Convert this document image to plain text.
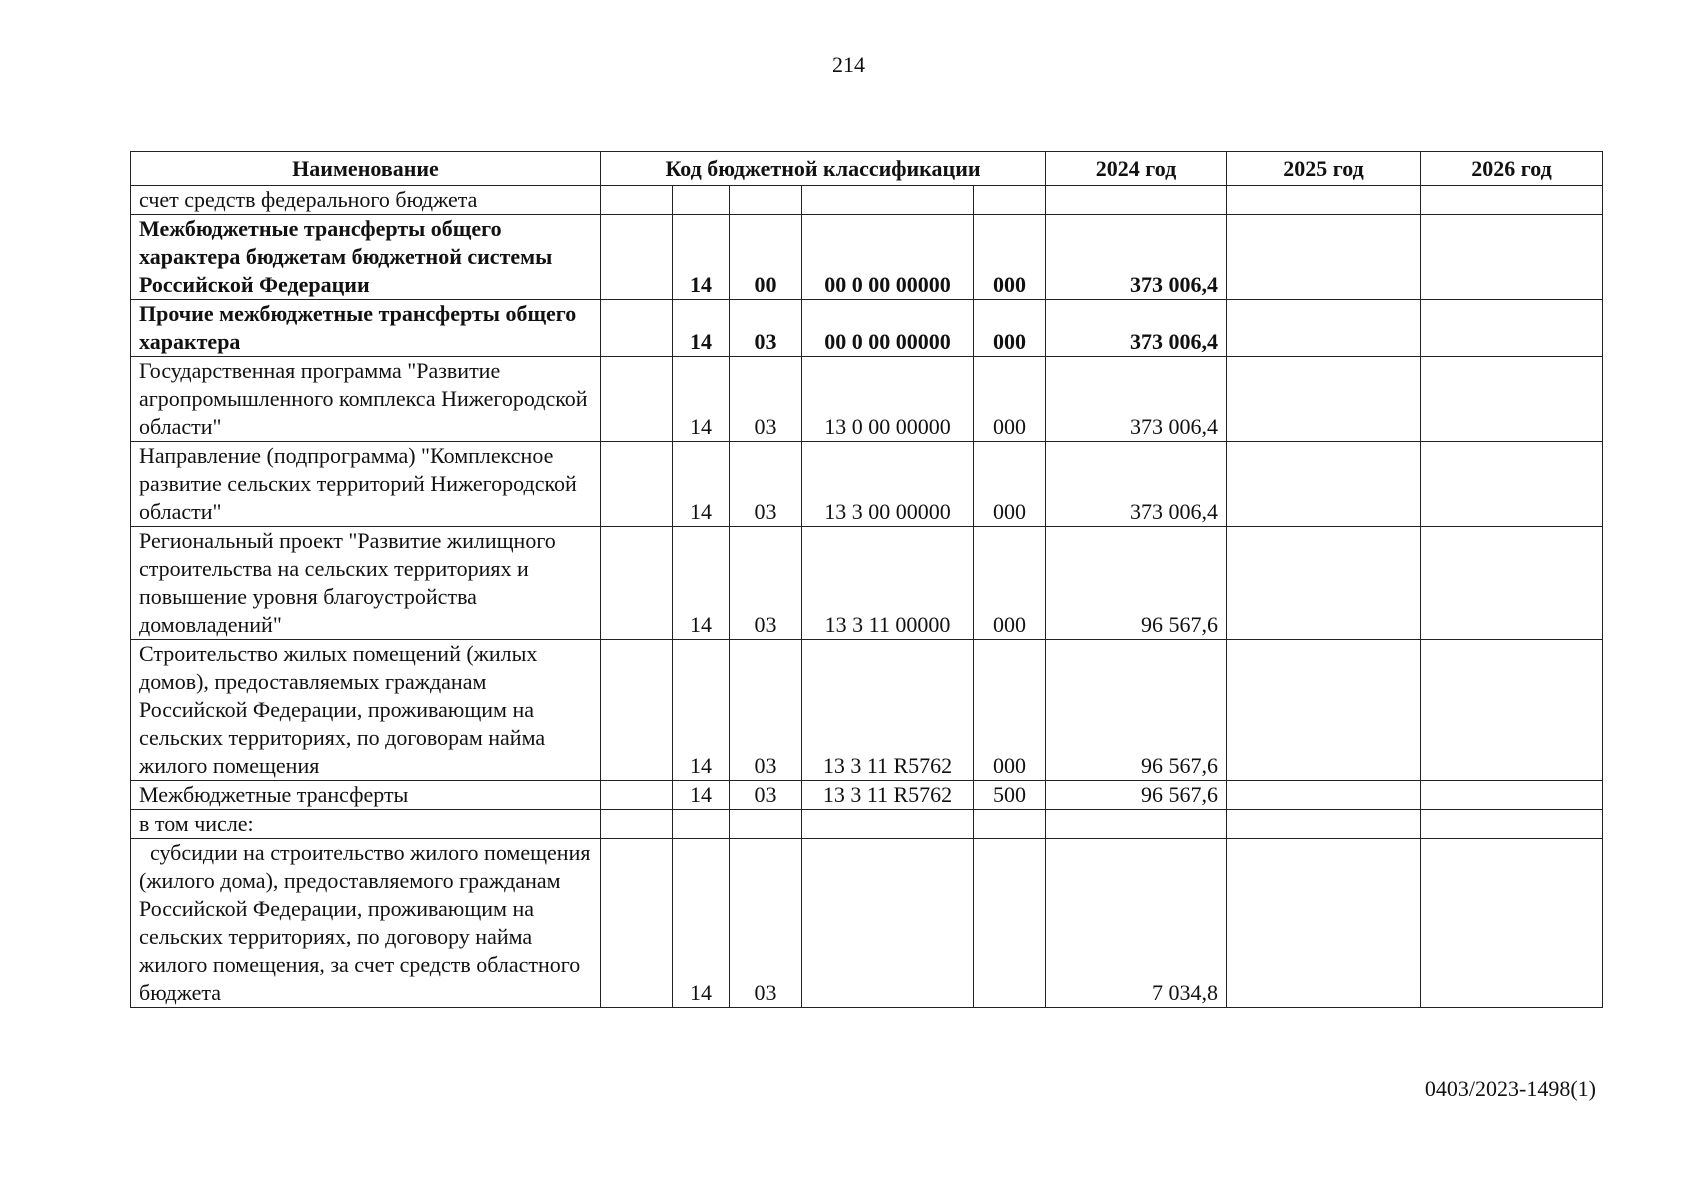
214
Наименование	Код бюджетной классификации					2024 год	2025 год	2026 год
счет средств федерального бюджета								
Межбюджетные трансферты общего характера бюджетам бюджетной системы Российской Федерации		14	00	00 0 00 00000	000	373 006,4		
Прочие межбюджетные трансферты общего характера		14	03	00 0 00 00000	000	373 006,4		
Государственная программа "Развитие агропромышленного комплекса Нижегородской области"		14	03	13 0 00 00000	000	373 006,4		
Направление (подпрограмма) "Комплексное развитие сельских территорий Нижегородской области"		14	03	13 3 00 00000	000	373 006,4		
Региональный проект "Развитие жилищного строительства на сельских территориях и повышение уровня благоустройства домовладений"		14	03	13 3 11 00000	000	96 567,6		
Строительство жилых помещений (жилых домов), предоставляемых гражданам Российской Федерации, проживающим на сельских территориях, по договорам найма жилого помещения		14	03	13 3 11 R5762	000	96 567,6		
Межбюджетные трансферты		14	03	13 3 11 R5762	500	96 567,6		
в том числе:								
субсидии на строительство жилого помещения (жилого дома), предоставляемого гражданам Российской Федерации, проживающим на сельских территориях, по договору найма жилого помещения, за счет средств областного бюджета		14	03			7 034,8		
0403/2023-1498(1)
